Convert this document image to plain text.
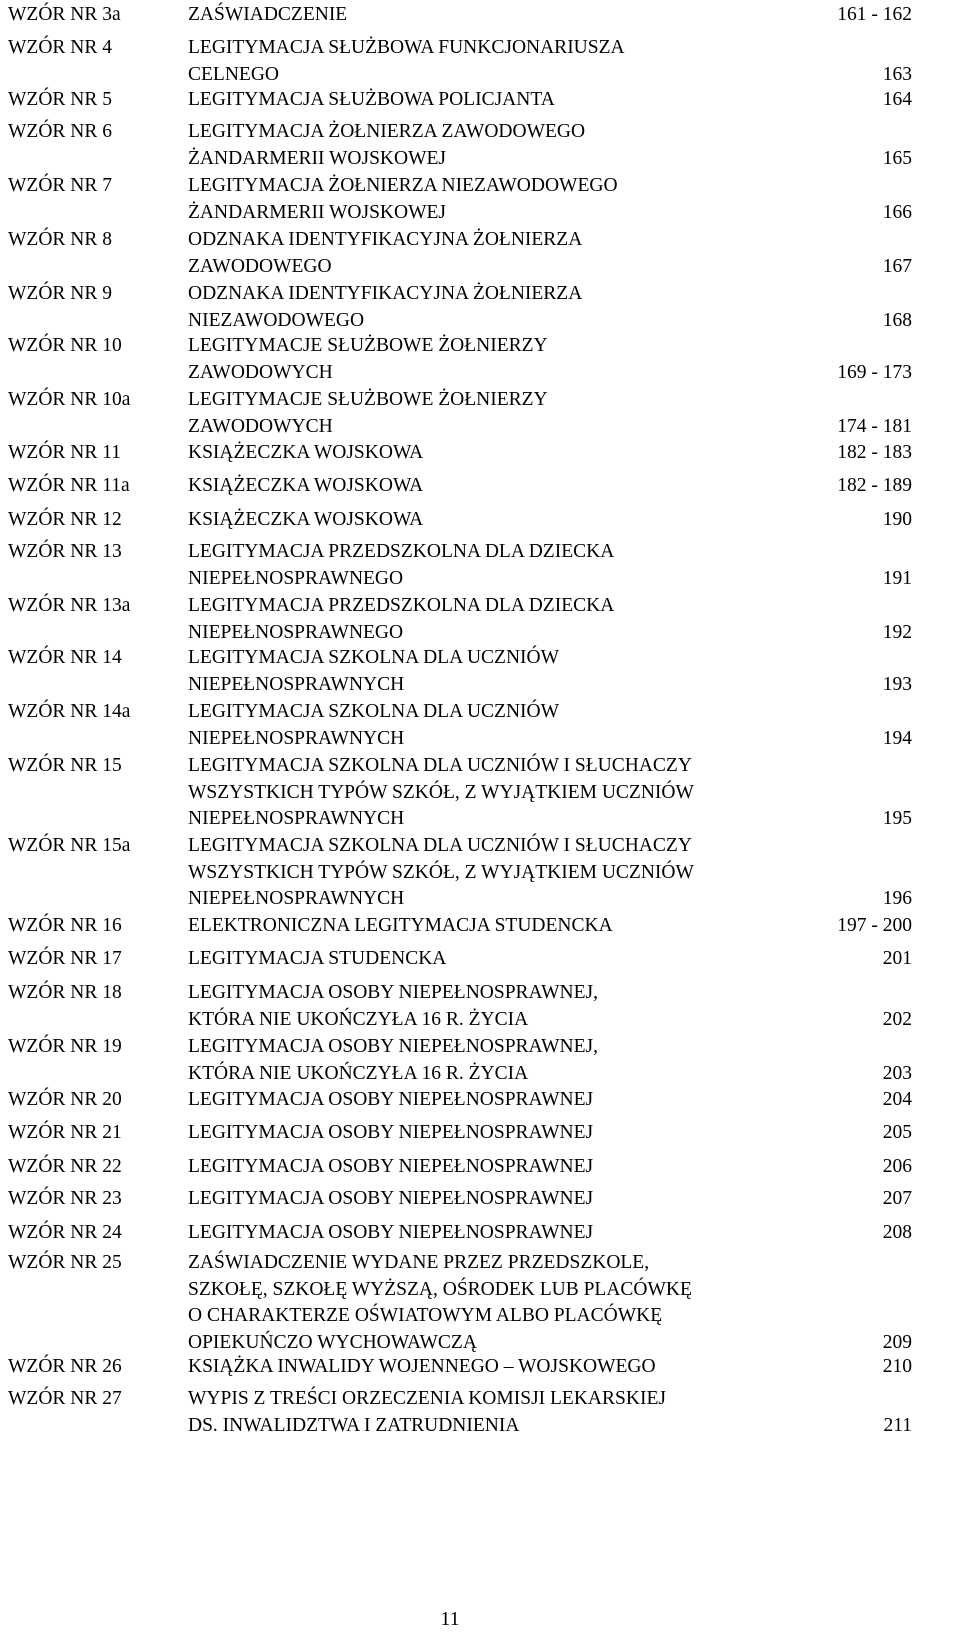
WZÓR NR 3a	ZAŚWIADCZENIE	161 - 162
WZÓR NR 4	LEGITYMACJA SŁUŻBOWA FUNKCJONARIUSZA
CELNEGO	163
WZÓR NR 5	LEGITYMACJA SŁUŻBOWA POLICJANTA	164
WZÓR NR 6	LEGITYMACJA ŻOŁNIERZA ZAWODOWEGO
ŻANDARMERII WOJSKOWEJ	165
WZÓR NR 7	LEGITYMACJA ŻOŁNIERZA NIEZAWODOWEGO
ŻANDARMERII WOJSKOWEJ	166
WZÓR NR 8	ODZNAKA IDENTYFIKACYJNA ŻOŁNIERZA
ZAWODOWEGO	167
WZÓR NR 9	ODZNAKA IDENTYFIKACYJNA ŻOŁNIERZA
NIEZAWODOWEGO	168
WZÓR NR 10	LEGITYMACJE SŁUŻBOWE ŻOŁNIERZY
ZAWODOWYCH	169 - 173
WZÓR NR 10a	LEGITYMACJE SŁUŻBOWE ŻOŁNIERZY
ZAWODOWYCH	174 - 181
WZÓR NR 11	KSIĄŻECZKA WOJSKOWA	182 - 183
WZÓR NR 11a	KSIĄŻECZKA WOJSKOWA	182 - 189
WZÓR NR 12	KSIĄŻECZKA WOJSKOWA	190
WZÓR NR 13	LEGITYMACJA PRZEDSZKOLNA DLA DZIECKA
NIEPEŁNOSPRAWNEGO	191
WZÓR NR 13a	LEGITYMACJA PRZEDSZKOLNA DLA DZIECKA
NIEPEŁNOSPRAWNEGO	192
WZÓR NR 14	LEGITYMACJA SZKOLNA DLA UCZNIÓW
NIEPEŁNOSPRAWNYCH	193
WZÓR NR 14a	LEGITYMACJA SZKOLNA DLA UCZNIÓW
NIEPEŁNOSPRAWNYCH	194
WZÓR NR 15	LEGITYMACJA SZKOLNA DLA UCZNIÓW I SŁUCHACZY
WSZYSTKICH TYPÓW SZKÓŁ, Z WYJĄTKIEM UCZNIÓW
NIEPEŁNOSPRAWNYCH	195
WZÓR NR 15a	LEGITYMACJA SZKOLNA DLA UCZNIÓW I SŁUCHACZY
WSZYSTKICH TYPÓW SZKÓŁ, Z WYJĄTKIEM UCZNIÓW
NIEPEŁNOSPRAWNYCH	196
WZÓR NR 16	ELEKTRONICZNA LEGITYMACJA STUDENCKA	197 - 200
WZÓR NR 17	LEGITYMACJA STUDENCKA	201
WZÓR NR 18	LEGITYMACJA OSOBY NIEPEŁNOSPRAWNEJ,
KTÓRA NIE UKOŃCZYŁA 16 R. ŻYCIA	202
WZÓR NR 19	LEGITYMACJA OSOBY NIEPEŁNOSPRAWNEJ,
KTÓRA NIE UKOŃCZYŁA 16 R. ŻYCIA	203
WZÓR NR 20	LEGITYMACJA OSOBY NIEPEŁNOSPRAWNEJ	204
WZÓR NR 21	LEGITYMACJA OSOBY NIEPEŁNOSPRAWNEJ	205
WZÓR NR 22	LEGITYMACJA OSOBY NIEPEŁNOSPRAWNEJ	206
WZÓR NR 23	LEGITYMACJA OSOBY NIEPEŁNOSPRAWNEJ	207
WZÓR NR 24	LEGITYMACJA OSOBY NIEPEŁNOSPRAWNEJ	208
WZÓR NR 25	ZAŚWIADCZENIE WYDANE PRZEZ PRZEDSZKOLE,
SZKOŁĘ, SZKOŁĘ WYŻSZĄ, OŚRODEK LUB PLACÓWKĘ
O CHARAKTERZE OŚWIATOWYM ALBO PLACÓWKĘ
OPIEKUŃCZO WYCHOWAWCZĄ	209
WZÓR NR 26	KSIĄŻKA INWALIDY WOJENNEGO – WOJSKOWEGO	210
WZÓR NR 27	WYPIS Z TREŚCI ORZECZENIA KOMISJI LEKARSKIEJ
DS. INWALIDZTWA I ZATRUDNIENIA	211
11
